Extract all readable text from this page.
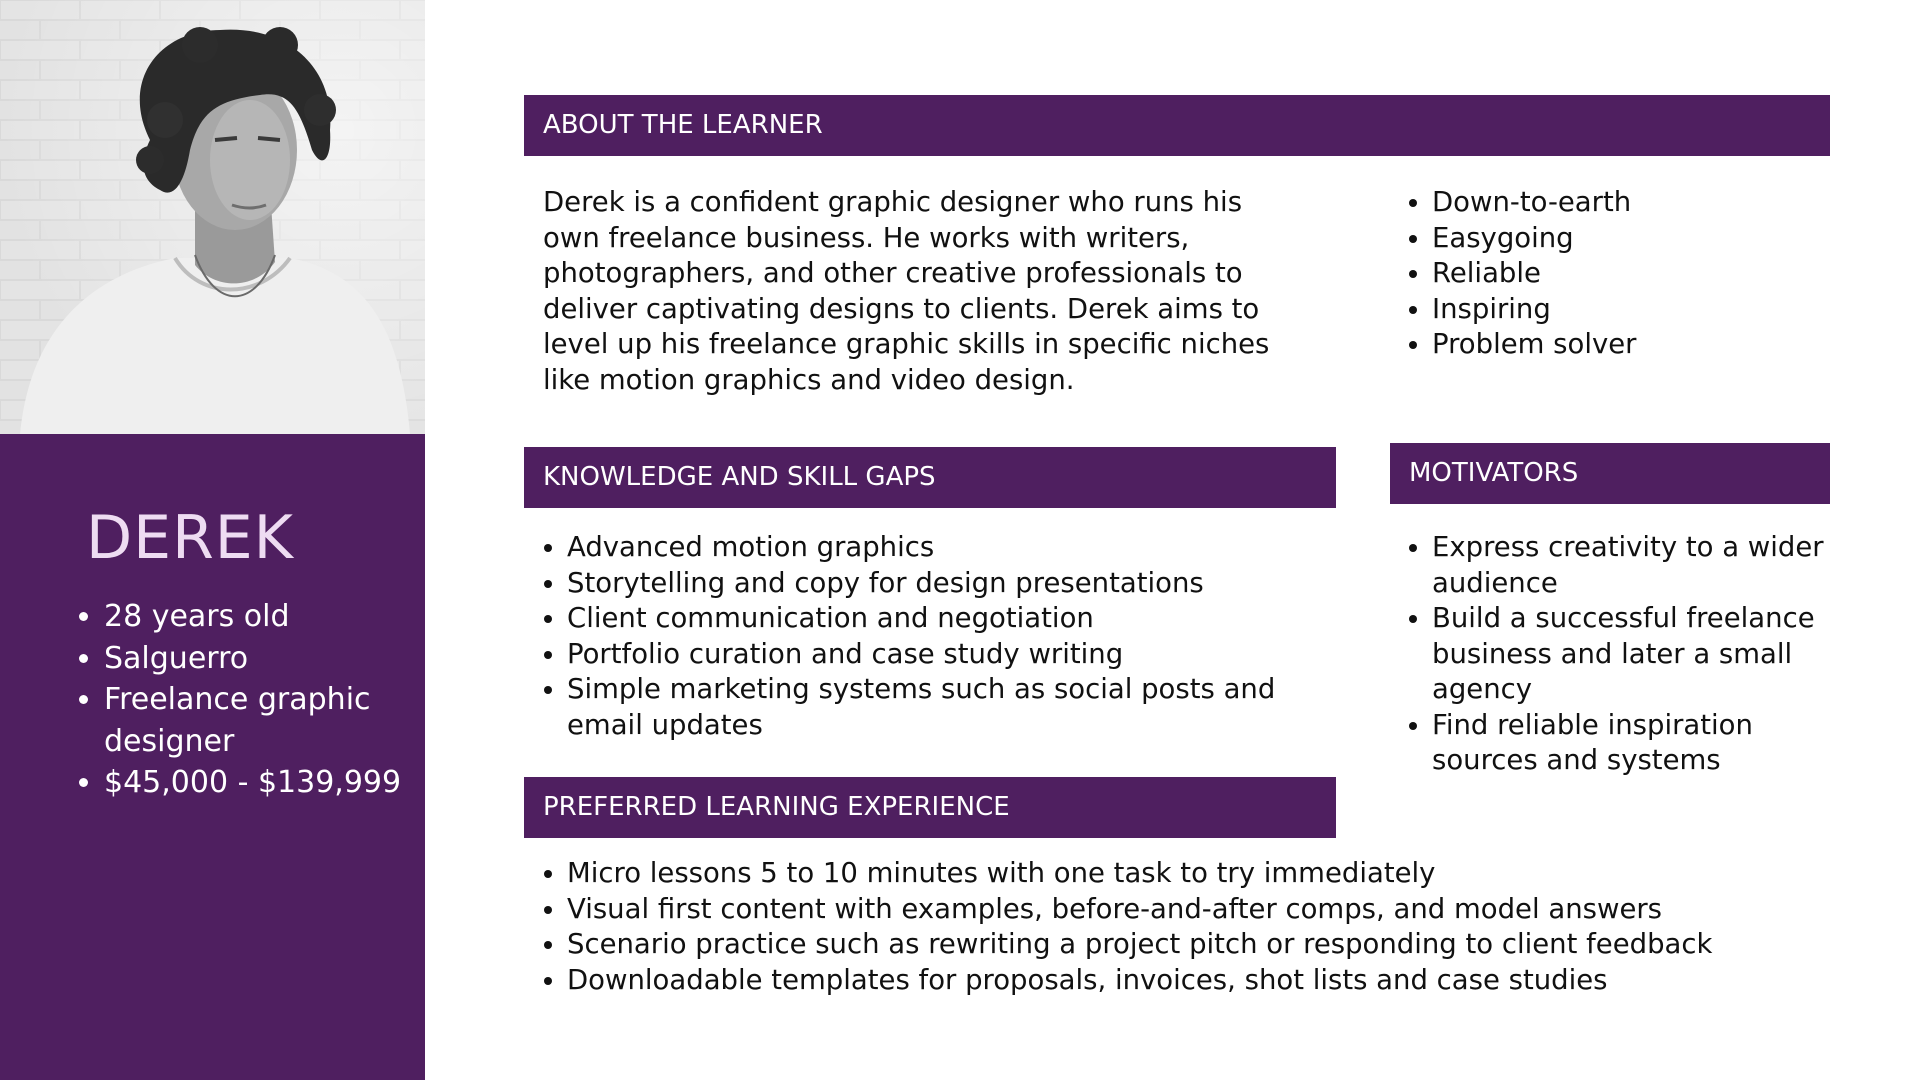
DEREK
• 28 years old
• Salguerro
• Freelance graphic designer
• $45,000 - $139,999
ABOUT THE LEARNER

Derek is a confident graphic designer who runs his own freelance business. He works with writers, photographers, and other creative professionals to deliver captivating designs to clients. Derek aims to level up his freelance graphic skills in specific niches like motion graphics and video design.

• Down-to-earth
• Easygoing
• Reliable
• Inspiring
• Problem solver
KNOWLEDGE AND SKILL GAPS
• Advanced motion graphics
• Storytelling and copy for design presentations
• Client communication and negotiation
• Portfolio curation and case study writing
• Simple marketing systems such as social posts and email updates
MOTIVATORS
• Express creativity to a wider audience
• Build a successful freelance business and later a small agency
• Find reliable inspiration sources and systems
PREFERRED LEARNING EXPERIENCE
• Micro lessons 5 to 10 minutes with one task to try immediately
• Visual first content with examples, before-and-after comps, and model answers
• Scenario practice such as rewriting a project pitch or responding to client feedback
• Downloadable templates for proposals, invoices, shot lists and case studies
